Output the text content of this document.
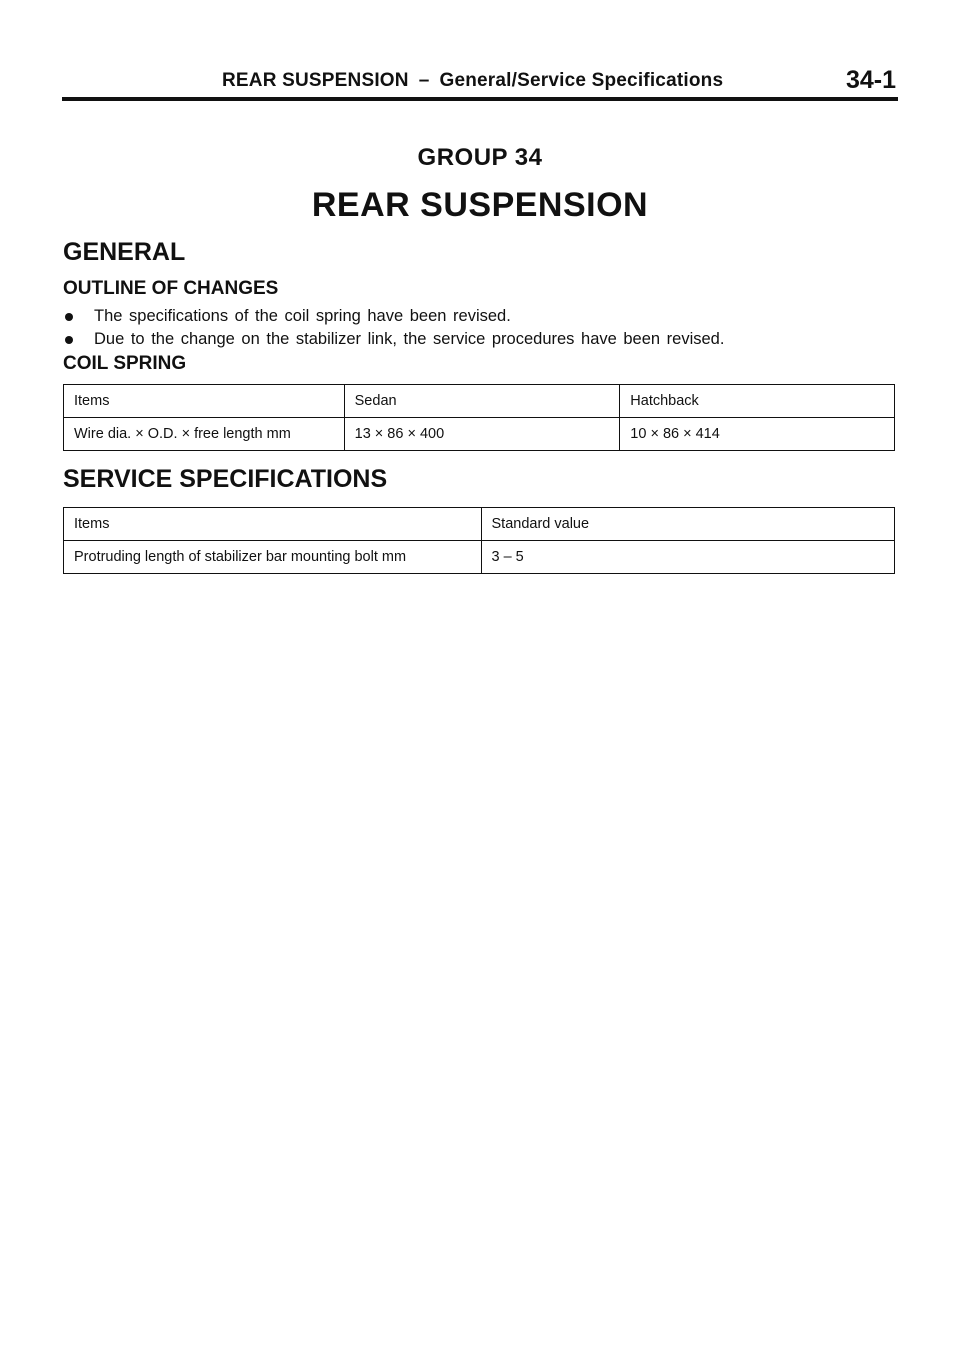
REAR SUSPENSION – General/Service Specifications	34-1
GROUP 34
REAR SUSPENSION
GENERAL
OUTLINE OF CHANGES
The specifications of the coil spring have been revised.
Due to the change on the stabilizer link, the service procedures have been revised.
COIL SPRING
Items	Sedan	Hatchback
Wire dia. × O.D. × free length mm	13 × 86 × 400	10 × 86 × 414
SERVICE SPECIFICATIONS
Items	Standard value
Protruding length of stabilizer bar mounting bolt mm	3 – 5
